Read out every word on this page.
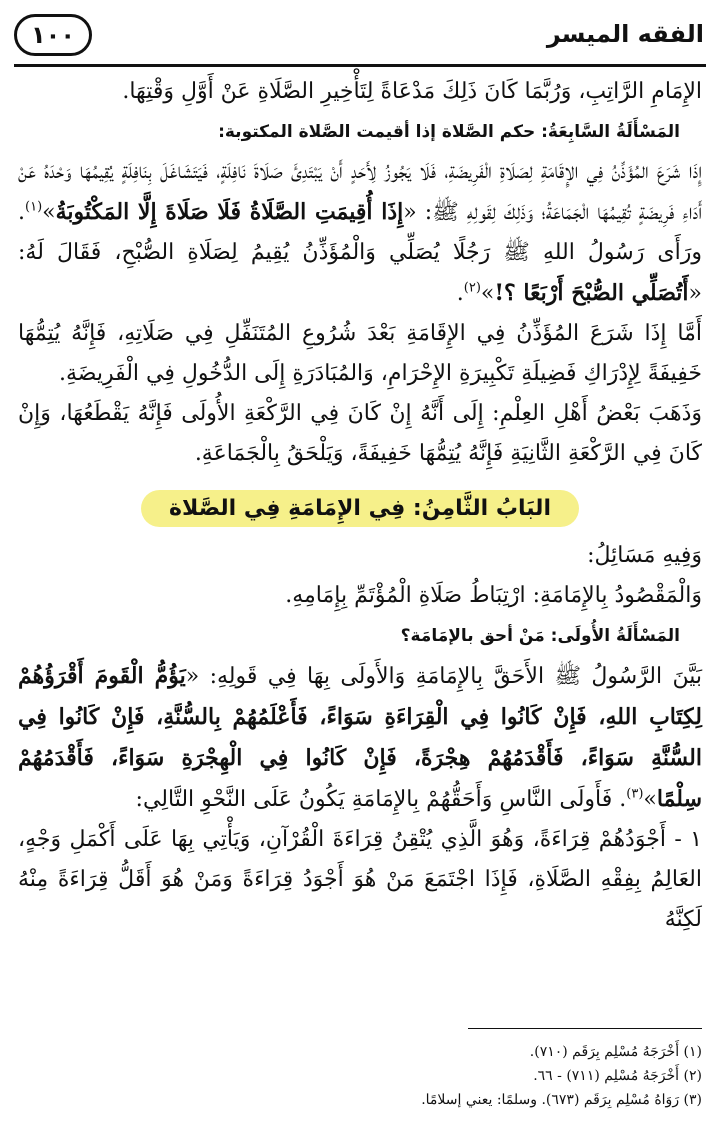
الفقه الميسر
١٠٠

الإِمَامِ الرَّاتِبِ، وَرُبَّمَا كَانَ ذَلِكَ مَدْعَاةً لِتَأْخِيرِ الصَّلَاةِ عَنْ أَوَّلِ وَقْتِهَا.

المَسْأَلَةُ السَّابِعَةُ: حكم الصَّلاة إذا أقيمت الصَّلاة المكتوبة:

إِذَا شَرَعَ المُؤَذِّنُ فِي الإِقَامَةِ لِصَلَاةِ الْفَرِيضَةِ، فَلَا يَجُوزُ لِأَحَدٍ أَنْ يَبْتَدِئَ صَلَاةَ نَافِلَةٍ، فَيَتَشَاغَلَ بِنَافِلَةٍ يُقِيمُهَا وَحْدَهُ عَنْ أَدَاءِ فَرِيضَةٍ تُقِيمُهَا الْجَمَاعَةُ؛ وَذَلِكَ لِقَولِهِ ﷺ: «إِذَا أُقِيمَتِ الصَّلَاةُ فَلَا صَلَاةَ إِلَّا المَكْتُوبَةُ»$^{(١)}$. ورَأَى رَسُولُ اللهِ ﷺ رَجُلًا يُصَلِّي وَالْمُؤَذِّنُ يُقِيمُ لِصَلَاةِ الصُّبْحِ، فَقَالَ لَهُ: «أَتُصَلِّي الصُّبْحَ أَرْبَعًا ؟!»$^{(٢)}$.

أَمَّا إِذَا شَرَعَ المُؤَذِّنُ فِي الإِقَامَةِ بَعْدَ شُرُوعِ المُتَنَفِّلِ فِي صَلَاتِهِ، فَإِنَّهُ يُتِمُّهَا خَفِيفَةً لِإِدْرَاكِ فَضِيلَةِ تَكْبِيرَةِ الإِحْرَامِ، وَالمُبَادَرَةِ إِلَى الدُّخُولِ فِي الْفَرِيضَةِ.

وَذَهَبَ بَعْضُ أَهْلِ العِلْمِ: إِلَى أَنَّهُ إِنْ كَانَ فِي الرَّكْعَةِ الأُولَى فَإِنَّهُ يَقْطَعُهَا، وَإِنْ كَانَ فِي الرَّكْعَةِ الثَّانِيَةِ فَإِنَّهُ يُتِمُّهَا خَفِيفَةً، وَيَلْحَقُ بِالْجَمَاعَةِ.

البَابُ الثَّامِنُ: فِي الإِمَامَةِ فِي الصَّلاة

وَفِيهِ مَسَائِلُ:

وَالْمَقْصُودُ بِالإِمَامَةِ: ارْتِبَاطُ صَلَاةِ الْمُؤْتَمِّ بِإِمَامِهِ.

المَسْأَلَةُ الأُولَى: مَنْ أحق بالإمَامَة؟

بَيَّنَ الرَّسُولُ ﷺ الأَحَقَّ بِالإِمَامَةِ وَالأَولَى بِهَا فِي قَولِهِ: «يَؤُمُّ الْقَومَ أَقْرَؤُهُمْ لِكِتَابِ اللهِ، فَإِنْ كَانُوا فِي الْقِرَاءَةِ سَوَاءً، فَأَعْلَمُهُمْ بِالسُّنَّةِ، فَإِنْ كَانُوا فِي السُّنَّةِ سَوَاءً، فَأَقْدَمُهُمْ هِجْرَةً، فَإِنْ كَانُوا فِي الْهِجْرَةِ سَوَاءً، فَأَقْدَمُهُمْ سِلْمًا»$^{(٣)}$. فَأَولَى النَّاسِ وَأَحَقُّهُمْ بِالإِمَامَةِ يَكُونُ عَلَى النَّحْوِ التَّالِي:

١ - أَجْوَدُهُمْ قِرَاءَةً، وَهُوَ الَّذِي يُتْقِنُ قِرَاءَةَ الْقُرْآنِ، وَيَأْتِي بِهَا عَلَى أَكْمَلِ وَجْهٍ، العَالِمُ بِفِقْهِ الصَّلَاةِ، فَإِذَا اجْتَمَعَ مَنْ هُوَ أَجْوَدُ قِرَاءَةً وَمَنْ هُوَ أَقَلُّ قِرَاءَةً مِنْهُ لَكِنَّهُ

(١) أَخْرَجَهُ مُسْلِم بِرَقَم (٧١٠).
(٢) أَخْرَجَهُ مُسْلِم (٧١١) - ٦٦.
(٣) رَوَاهُ مُسْلِم بِرَقَم (٦٧٣). وسلمًا: يعني إسلامًا.
